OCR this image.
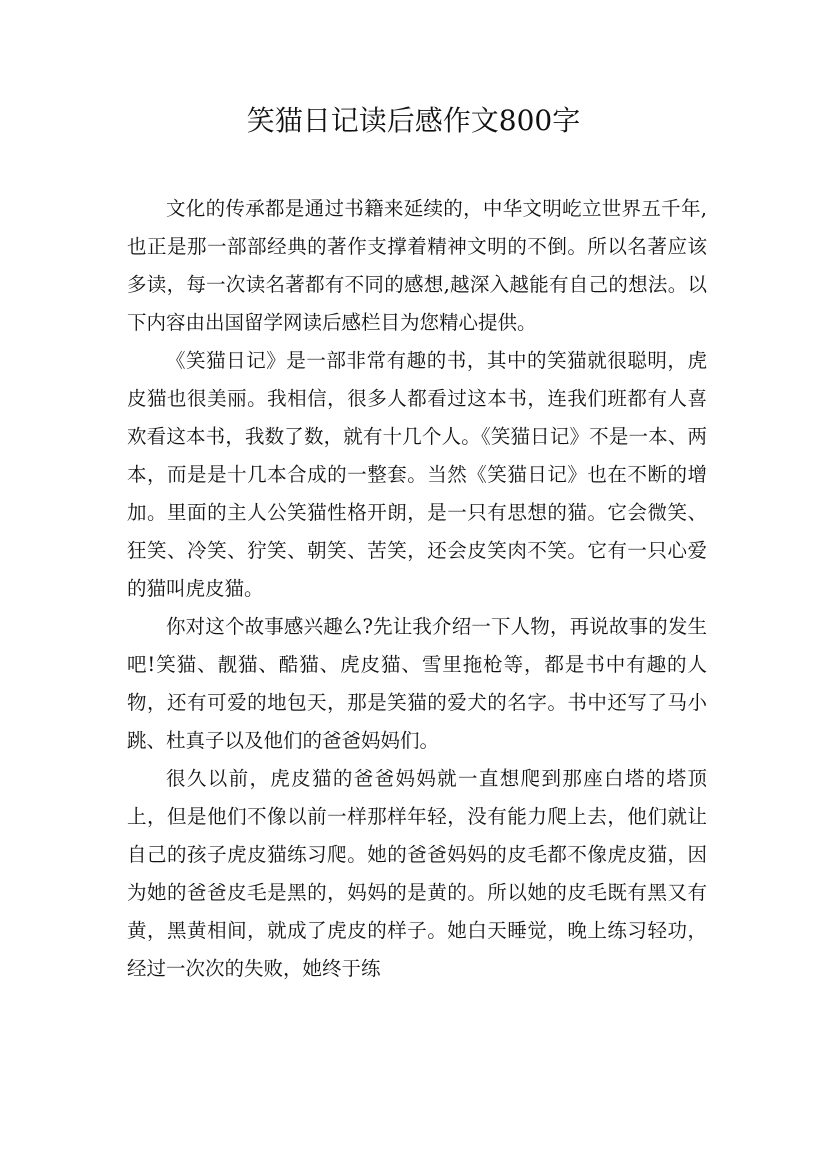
笑猫日记读后感作文800字

文化的传承都是通过书籍来延续的，中华文明屹立世界五千年,也正是那一部部经典的著作支撑着精神文明的不倒。所以名著应该多读，每一次读名著都有不同的感想,越深入越能有自己的想法。以下内容由出国留学网读后感栏目为您精心提供。

《笑猫日记》是一部非常有趣的书，其中的笑猫就很聪明，虎皮猫也很美丽。我相信，很多人都看过这本书，连我们班都有人喜欢看这本书，我数了数，就有十几个人。《笑猫日记》不是一本、两本，而是是十几本合成的一整套。当然《笑猫日记》也在不断的增加。里面的主人公笑猫性格开朗，是一只有思想的猫。它会微笑、狂笑、冷笑、狞笑、朝笑、苦笑，还会皮笑肉不笑。它有一只心爱的猫叫虎皮猫。

你对这个故事感兴趣么?先让我介绍一下人物，再说故事的发生吧!笑猫、靓猫、酷猫、虎皮猫、雪里拖枪等，都是书中有趣的人物，还有可爱的地包天，那是笑猫的爱犬的名字。书中还写了马小跳、杜真子以及他们的爸爸妈妈们。

很久以前，虎皮猫的爸爸妈妈就一直想爬到那座白塔的塔顶上，但是他们不像以前一样那样年轻，没有能力爬上去，他们就让自己的孩子虎皮猫练习爬。她的爸爸妈妈的皮毛都不像虎皮猫，因为她的爸爸皮毛是黑的，妈妈的是黄的。所以她的皮毛既有黑又有黄，黑黄相间，就成了虎皮的样子。她白天睡觉，晚上练习轻功，经过一次次的失败，她终于练
